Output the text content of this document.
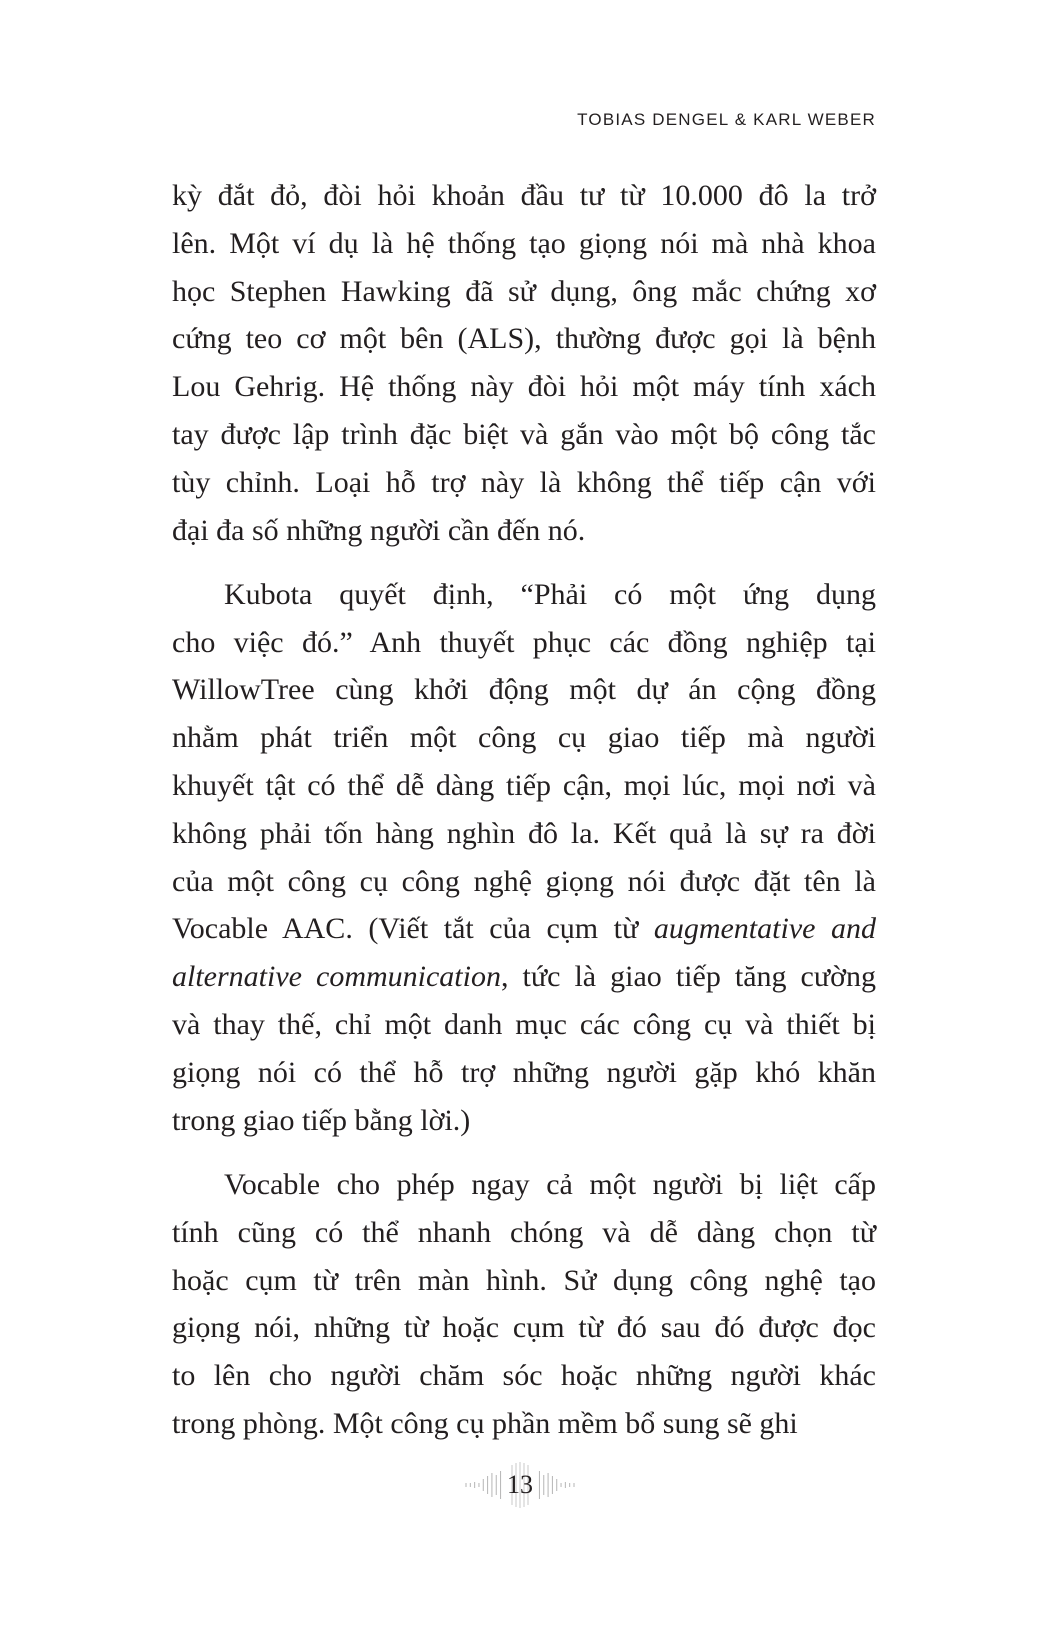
TOBIAS DENGEL & KARL WEBER
kỳ đắt đỏ, đòi hỏi khoản đầu tư từ 10.000 đô la trở
lên. Một ví dụ là hệ thống tạo giọng nói mà nhà khoa
học Stephen Hawking đã sử dụng, ông mắc chứng xơ
cứng teo cơ một bên (ALS), thường được gọi là bệnh
Lou Gehrig. Hệ thống này đòi hỏi một máy tính xách
tay được lập trình đặc biệt và gắn vào một bộ công tắc
tùy chỉnh. Loại hỗ trợ này là không thể tiếp cận với
đại đa số những người cần đến nó.
Kubota quyết định, “Phải có một ứng dụng
cho việc đó.” Anh thuyết phục các đồng nghiệp tại
WillowTree cùng khởi động một dự án cộng đồng
nhằm phát triển một công cụ giao tiếp mà người
khuyết tật có thể dễ dàng tiếp cận, mọi lúc, mọi nơi và
không phải tốn hàng nghìn đô la. Kết quả là sự ra đời
của một công cụ công nghệ giọng nói được đặt tên là
Vocable AAC. (Viết tắt của cụm từ augmentative and
alternative communication, tức là giao tiếp tăng cường
và thay thế, chỉ một danh mục các công cụ và thiết bị
giọng nói có thể hỗ trợ những người gặp khó khăn
trong giao tiếp bằng lời.)
Vocable cho phép ngay cả một người bị liệt cấp
tính cũng có thể nhanh chóng và dễ dàng chọn từ
hoặc cụm từ trên màn hình. Sử dụng công nghệ tạo
giọng nói, những từ hoặc cụm từ đó sau đó được đọc
to lên cho người chăm sóc hoặc những người khác
trong phòng. Một công cụ phần mềm bổ sung sẽ ghi
13
